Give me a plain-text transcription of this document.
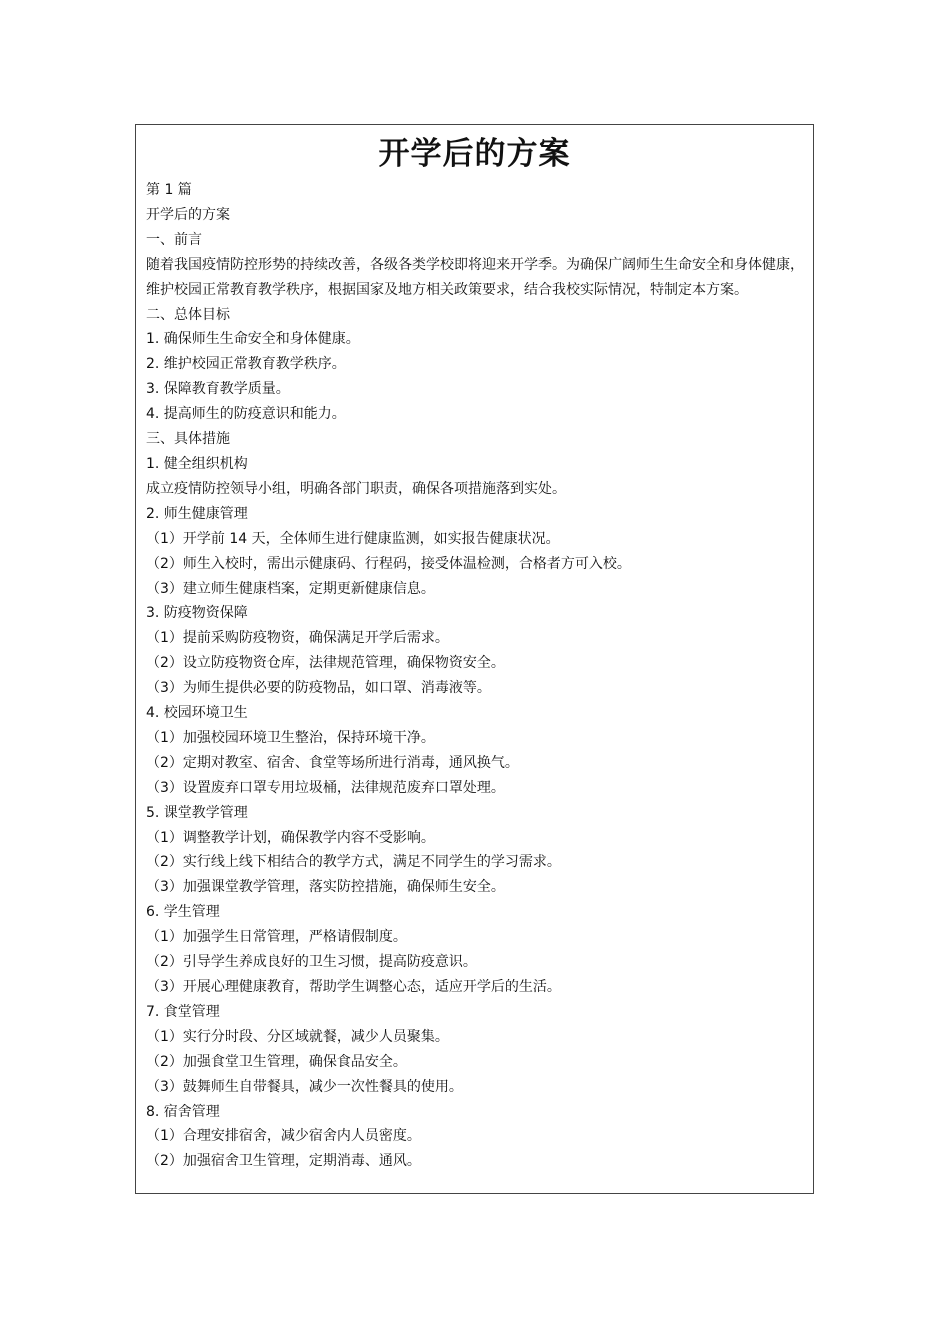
开学后的方案
第 1 篇
开学后的方案
一、前言
随着我国疫情防控形势的持续改善，各级各类学校即将迎来开学季。为确保广阔师生生命安全和身体健康，维护校园正常教育教学秩序，根据国家及地方相关政策要求，结合我校实际情况，特制定本方案。
二、总体目标
1. 确保师生生命安全和身体健康。
2. 维护校园正常教育教学秩序。
3. 保障教育教学质量。
4. 提高师生的防疫意识和能力。
三、具体措施
1. 健全组织机构
成立疫情防控领导小组，明确各部门职责，确保各项措施落到实处。
2. 师生健康管理
（1）开学前 14 天，全体师生进行健康监测，如实报告健康状况。
（2）师生入校时，需出示健康码、行程码，接受体温检测，合格者方可入校。
（3）建立师生健康档案，定期更新健康信息。
3. 防疫物资保障
（1）提前采购防疫物资，确保满足开学后需求。
（2）设立防疫物资仓库，法律规范管理，确保物资安全。
（3）为师生提供必要的防疫物品，如口罩、消毒液等。
4. 校园环境卫生
（1）加强校园环境卫生整治，保持环境干净。
（2）定期对教室、宿舍、食堂等场所进行消毒，通风换气。
（3）设置废弃口罩专用垃圾桶，法律规范废弃口罩处理。
5. 课堂教学管理
（1）调整教学计划，确保教学内容不受影响。
（2）实行线上线下相结合的教学方式，满足不同学生的学习需求。
（3）加强课堂教学管理，落实防控措施，确保师生安全。
6. 学生管理
（1）加强学生日常管理，严格请假制度。
（2）引导学生养成良好的卫生习惯，提高防疫意识。
（3）开展心理健康教育，帮助学生调整心态，适应开学后的生活。
7. 食堂管理
（1）实行分时段、分区域就餐，减少人员聚集。
（2）加强食堂卫生管理，确保食品安全。
（3）鼓舞师生自带餐具，减少一次性餐具的使用。
8. 宿舍管理
（1）合理安排宿舍，减少宿舍内人员密度。
（2）加强宿舍卫生管理，定期消毒、通风。
